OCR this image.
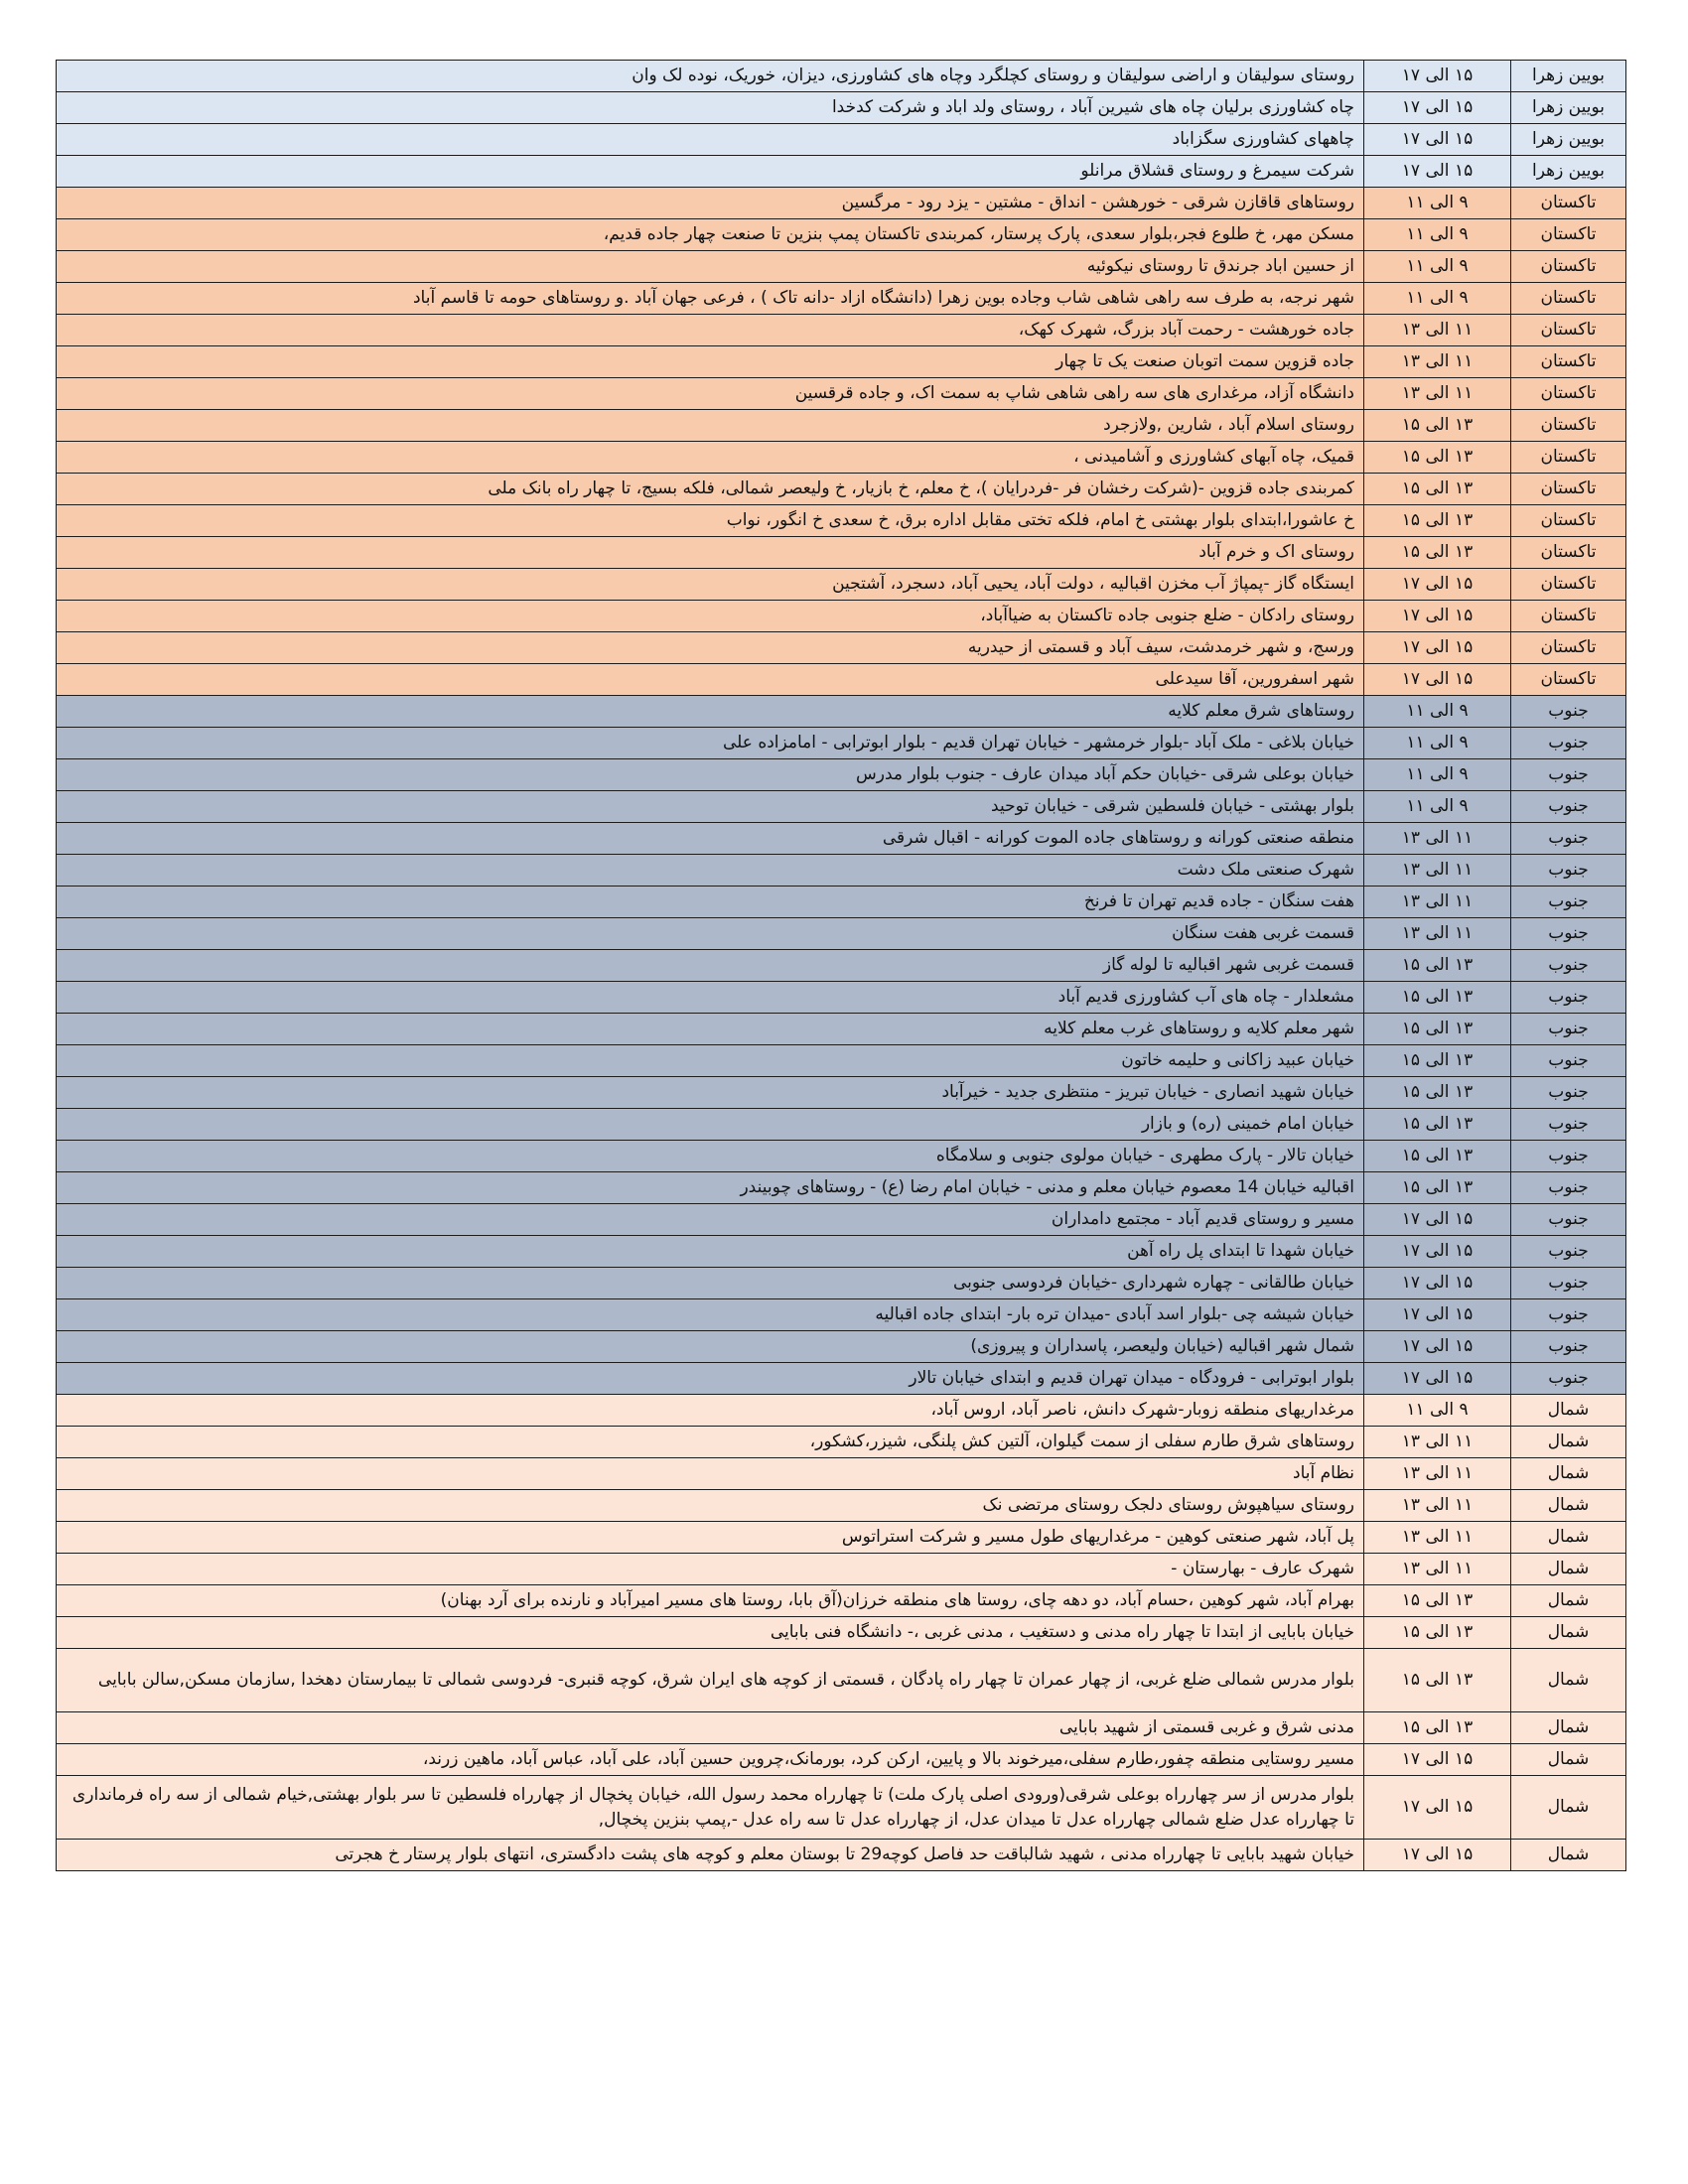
بویین زهرا	۱۵ الی ۱۷	روستای سولیقان و اراضی سولیقان و روستای کچلگرد وچاه های کشاورزی، دیزان، خوریک، نوده لک وان
بویین زهرا	۱۵ الی ۱۷	چاه کشاورزی برلیان چاه های شیرین آباد ، روستای ولد اباد و شرکت کدخدا
بویین زهرا	۱۵ الی ۱۷	چاههای کشاورزی سگزاباد
بویین زهرا	۱۵ الی ۱۷	شرکت سیمرغ و روستای قشلاق مرانلو
تاکستان	۹ الی ۱۱	روستاهای قاقازن شرقی - خورهشن - انداق - مشتین - یزد رود - مرگسین
تاکستان	۹ الی ۱۱	مسکن مهر، خ طلوع فجر،بلوار سعدی، پارک پرستار، کمربندی تاکستان پمپ بنزین تا صنعت چهار جاده قدیم،
تاکستان	۹ الی ۱۱	از حسین اباد جرندق تا روستای نیکوئیه
تاکستان	۹ الی ۱۱	شهر نرجه، به طرف سه راهی شاهی شاب وجاده بوین زهرا (دانشگاه ازاد -دانه تاک ) ، فرعی جهان آباد .و روستاهای حومه تا قاسم آباد
تاکستان	۱۱ الی ۱۳	جاده خورهشت - رحمت آباد بزرگ، شهرک کهک،
تاکستان	۱۱ الی ۱۳	جاده قزوین سمت اتوبان صنعت یک تا چهار
تاکستان	۱۱ الی ۱۳	دانشگاه آزاد، مرغداری های سه راهی شاهی شاپ به سمت اک، و جاده قرقسین
تاکستان	۱۳ الی ۱۵	روستای اسلام آباد ، شارین ,ولازجرد
تاکستان	۱۳ الی ۱۵	قمیک، چاه آبهای کشاورزی و آشامیدنی ،
تاکستان	۱۳ الی ۱۵	کمربندی جاده قزوین -(شرکت رخشان فر -فردرایان )، خ معلم، خ بازیار، خ ولیعصر شمالی، فلکه بسیج، تا چهار راه بانک ملی
تاکستان	۱۳ الی ۱۵	خ عاشورا،ابتدای بلوار بهشتی خ امام، فلکه تختی مقابل اداره برق، خ سعدی خ انگور، نواب
تاکستان	۱۳ الی ۱۵	روستای اک و خرم آباد
تاکستان	۱۵ الی ۱۷	ایستگاه گاز -پمپاژ آب مخزن اقبالیه ، دولت آباد، یحیی آباد، دسجرد، آشتجین
تاکستان	۱۵ الی ۱۷	روستای رادکان - ضلع جنوبی جاده تاکستان به ضیاآباد،
تاکستان	۱۵ الی ۱۷	ورسج، و شهر خرمدشت، سیف آباد و قسمتی از حیدریه
تاکستان	۱۵ الی ۱۷	شهر اسفرورین، آقا سیدعلی
جنوب	۹ الی ۱۱	روستاهای شرق معلم کلایه
جنوب	۹ الی ۱۱	خیابان بلاغی - ملک آباد -بلوار خرمشهر - خیابان تهران قدیم - بلوار ابوترابی - امامزاده علی
جنوب	۹ الی ۱۱	خیابان بوعلی شرقی -خیابان حکم آباد میدان عارف - جنوب بلوار مدرس
جنوب	۹ الی ۱۱	بلوار بهشتی - خیابان فلسطین شرقی - خیابان توحید
جنوب	۱۱ الی ۱۳	منطقه صنعتی کورانه و روستاهای جاده الموت کورانه - اقبال شرقی
جنوب	۱۱ الی ۱۳	شهرک صنعتی ملک دشت
جنوب	۱۱ الی ۱۳	هفت سنگان - جاده قدیم تهران تا فرنخ
جنوب	۱۱ الی ۱۳	قسمت غربی هفت سنگان
جنوب	۱۳ الی ۱۵	قسمت غربی شهر اقبالیه تا لوله گاز
جنوب	۱۳ الی ۱۵	مشعلدار - چاه های آب کشاورزی قدیم آباد
جنوب	۱۳ الی ۱۵	شهر معلم کلایه و روستاهای غرب معلم کلایه
جنوب	۱۳ الی ۱۵	خیابان عبید زاکانی و حلیمه خاتون
جنوب	۱۳ الی ۱۵	خیابان شهید انصاری - خیابان تبریز - منتظری جدید - خیرآباد
جنوب	۱۳ الی ۱۵	خیابان امام خمینی (ره) و بازار
جنوب	۱۳ الی ۱۵	خیابان تالار - پارک مطهری - خیابان مولوی جنوبی و سلامگاه
جنوب	۱۳ الی ۱۵	اقبالیه خیابان 14 معصوم خیابان معلم و مدنی - خیابان امام رضا (ع) - روستاهای چوبیندر
جنوب	۱۵ الی ۱۷	مسیر و روستای قدیم آباد - مجتمع دامداران
جنوب	۱۵ الی ۱۷	خیابان شهدا تا ابتدای پل راه آهن
جنوب	۱۵ الی ۱۷	خیابان طالقانی - چهاره شهرداری -خیابان فردوسی جنوبی
جنوب	۱۵ الی ۱۷	خیابان شیشه چی -بلوار اسد آبادی -میدان تره بار- ابتدای جاده اقبالیه
جنوب	۱۵ الی ۱۷	شمال شهر اقبالیه (خیابان ولیعصر، پاسداران و پیروزی)
جنوب	۱۵ الی ۱۷	بلوار ابوترابی - فرودگاه - میدان تهران قدیم و ابتدای خیابان تالار
شمال	۹ الی ۱۱	مرغداریهای منطقه زوبار-شهرک دانش، ناصر آباد، اروس آباد،
شمال	۱۱ الی ۱۳	روستاهای شرق طارم سفلی از سمت گیلوان، آلتین کش پلنگی، شیزر،کشکور،
شمال	۱۱ الی ۱۳	نظام آباد
شمال	۱۱ الی ۱۳	روستای سیاهپوش روستای دلجک روستای مرتضی نک
شمال	۱۱ الی ۱۳	پل آباد، شهر صنعتی کوهین - مرغداریهای طول مسیر و شرکت استراتوس
شمال	۱۱ الی ۱۳	شهرک عارف - بهارستان -
شمال	۱۳ الی ۱۵	بهرام آباد، شهر کوهین ،حسام آباد، دو دهه چای، روستا های منطقه خرزان(آق بابا، روستا های مسیر امیرآباد و نارنده برای آرد بهنان)
شمال	۱۳ الی ۱۵	خیابان بابایی از ابتدا تا چهار راه مدنی و دستغیب ، مدنی غربی ،- دانشگاه فنی بابایی
شمال	۱۳ الی ۱۵	بلوار مدرس شمالی ضلع غربی، از چهار عمران تا چهار راه پادگان ، قسمتی از کوچه های ایران شرق، کوچه قنبری- فردوسی شمالی تا بیمارستان دهخدا ,سازمان مسکن,سالن بابایی
شمال	۱۳ الی ۱۵	مدنی شرق و غربی قسمتی از شهید بابایی
شمال	۱۵ الی ۱۷	مسیر روستایی منطقه چفور،طارم سفلی،میرخوند بالا و پایین، ارکن کرد، بورمانک،چروین حسین آباد، علی آباد، عباس آباد، ماهین زرند،
شمال	۱۵ الی ۱۷	بلوار مدرس از سر چهارراه بوعلی شرقی(ورودی اصلی پارک ملت) تا چهارراه محمد رسول الله، خیابان پخچال از چهارراه فلسطین تا سر بلوار بهشتی,خیام شمالی از سه راه فرمانداری تا چهارراه عدل ضلع شمالی چهارراه عدل تا میدان عدل، از چهارراه عدل تا سه راه عدل -,پمپ بنزین پخچال,
شمال	۱۵ الی ۱۷	خیابان شهید بابایی تا چهارراه مدنی ، شهید شالباقت حد فاصل کوچه29 تا بوستان معلم و کوچه های پشت دادگستری، انتهای بلوار پرستار خ هجرتی
